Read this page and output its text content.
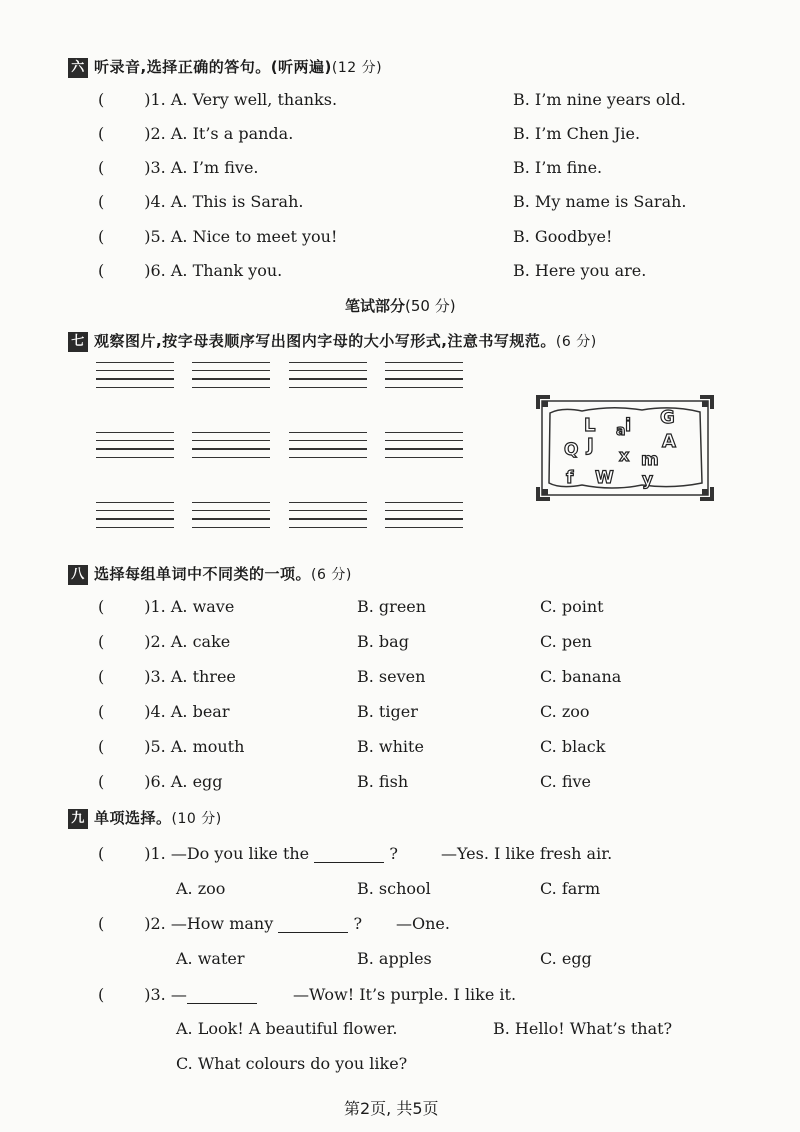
六 听录音,选择正确的答句。(听两遍)(12 分)
(	)1. A. Very well, thanks.	B. I’m nine years old.
(	)2. A. It’s a panda.	B. I’m Chen Jie.
(	)3. A. I’m five.	B. I’m fine.
(	)4. A. This is Sarah.	B. My name is Sarah.
(	)5. A. Nice to meet you!	B. Goodbye!
(	)6. A. Thank you.	B. Here you are.
笔试部分(50 分)
七 观察图片,按字母表顺序写出图内字母的大小写形式,注意书写规范。(6 分)
L
J
i G
A
Q	x m
f W y
a
八 选择每组单词中不同类的一项。(6 分)
(	)1. A. wave	B. green	C. point
(	)2. A. cake	B. bag	C. pen
(	)3. A. three	B. seven	C. banana
(	)4. A. bear	B. tiger	C. zoo
(	)5. A. mouth	B. white	C. black
(	)6. A. egg	B. fish	C. five
九 单项选择。(10 分)
(	)1. —Do you like the	?	—Yes. I like fresh air.
A. zoo	B. school	C. farm
(	)2. —How many	? —One.
A. water	B. apples	C. egg
(	)3. —	—Wow! It’s purple. I like it.
A. Look! A beautiful flower.	B. Hello! What’s that?
C. What colours do you like?
第2页, 共5页
